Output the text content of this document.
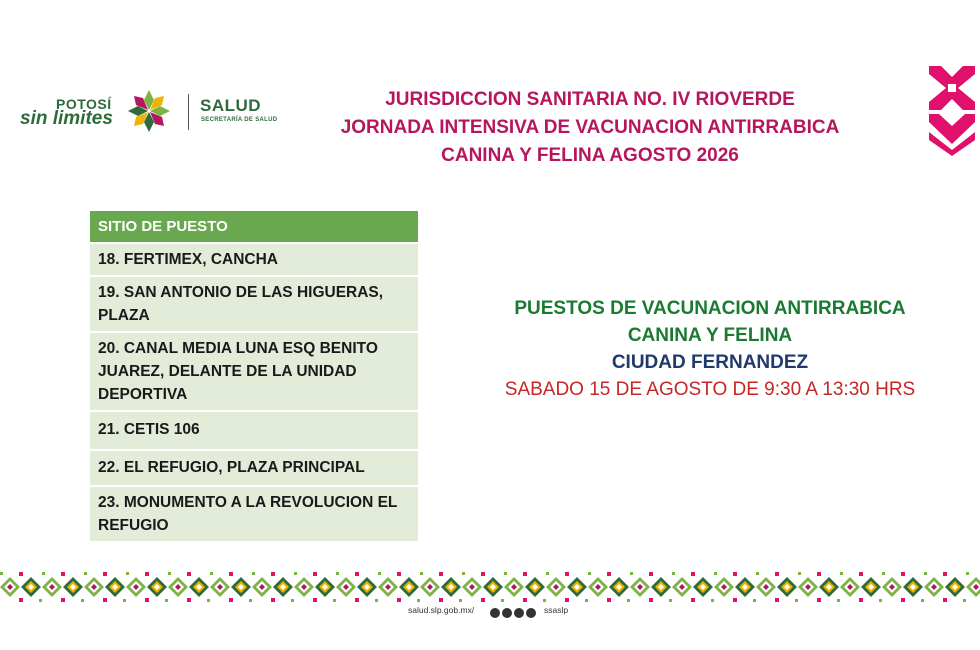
POTOSÍ
sin limites
SALUD
SECRETARÍA DE SALUD
JURISDICCION SANITARIA NO. IV RIOVERDE
JORNADA INTENSIVA DE VACUNACION ANTIRRABICA
CANINA Y FELINA AGOSTO 2026
SITIO DE PUESTO
18. FERTIMEX, CANCHA
19. SAN ANTONIO DE LAS HIGUERAS, PLAZA
20. CANAL MEDIA LUNA ESQ BENITO JUAREZ, DELANTE DE LA UNIDAD DEPORTIVA
21. CETIS 106
22. EL REFUGIO, PLAZA PRINCIPAL
23. MONUMENTO A LA REVOLUCION EL REFUGIO
PUESTOS DE VACUNACION ANTIRRABICA
CANINA Y FELINA
CIUDAD FERNANDEZ
SABADO 15 DE AGOSTO DE 9:30 A 13:30 HRS
salud.slp.gob.mx/	ssaslp
